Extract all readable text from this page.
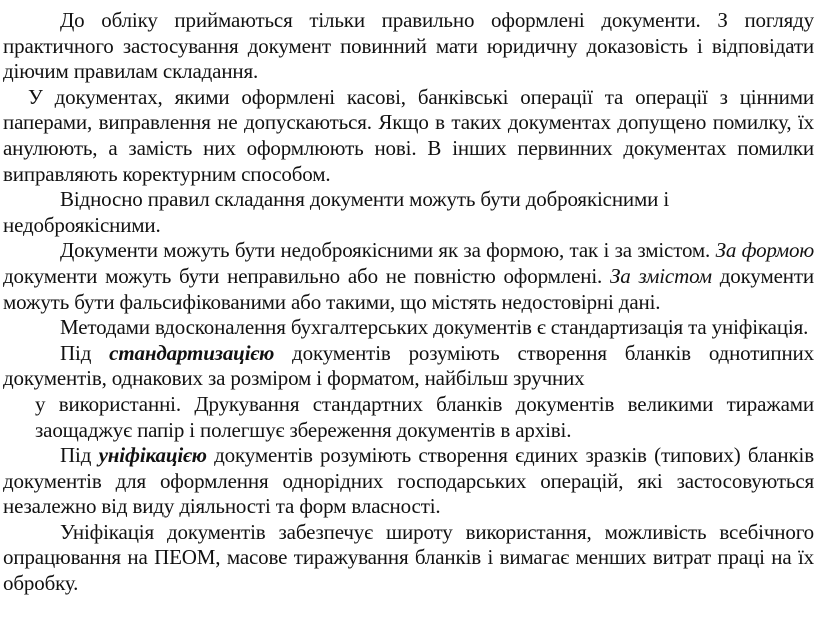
До обліку приймаються тільки правильно оформлені документи. З погляду практичного застосування документ повинний мати юридичну доказовість і відповідати діючим правилам складання.

У документах, якими оформлені касові, банківські операції та операції з цінними паперами, виправлення не допускаються. Якщо в таких документах допущено помилку, їх анулюють, а замість них оформлюють нові. В інших первинних документах помилки виправляють коректурним способом.

Відносно правил складання документи можуть бути доброякісними і недоброякісними.

Документи можуть бути недоброякісними як за формою, так і за змістом. За формою документи можуть бути неправильно або не повністю оформлені. За змістом документи можуть бути фальсифікованими або такими, що містять недостовірні дані.

Методами вдосконалення бухгалтерських документів є стандартизація та уніфікація.

Під стандартизацією документів розуміють створення бланків однотипних документів, однакових за розміром і форматом, найбільш зручних

у використанні. Друкування стандартних бланків документів великими тиражами заощаджує папір і полегшує збереження документів в архіві.

Під уніфікацією документів розуміють створення єдиних зразків (типових) бланків документів для оформлення однорідних господарських операцій, які застосовуються незалежно від виду діяльності та форм власності.

Уніфікація документів забезпечує широту використання, можливість всебічного опрацювання на ПЕОМ, масове тиражування бланків і вимагає менших витрат праці на їх обробку.
